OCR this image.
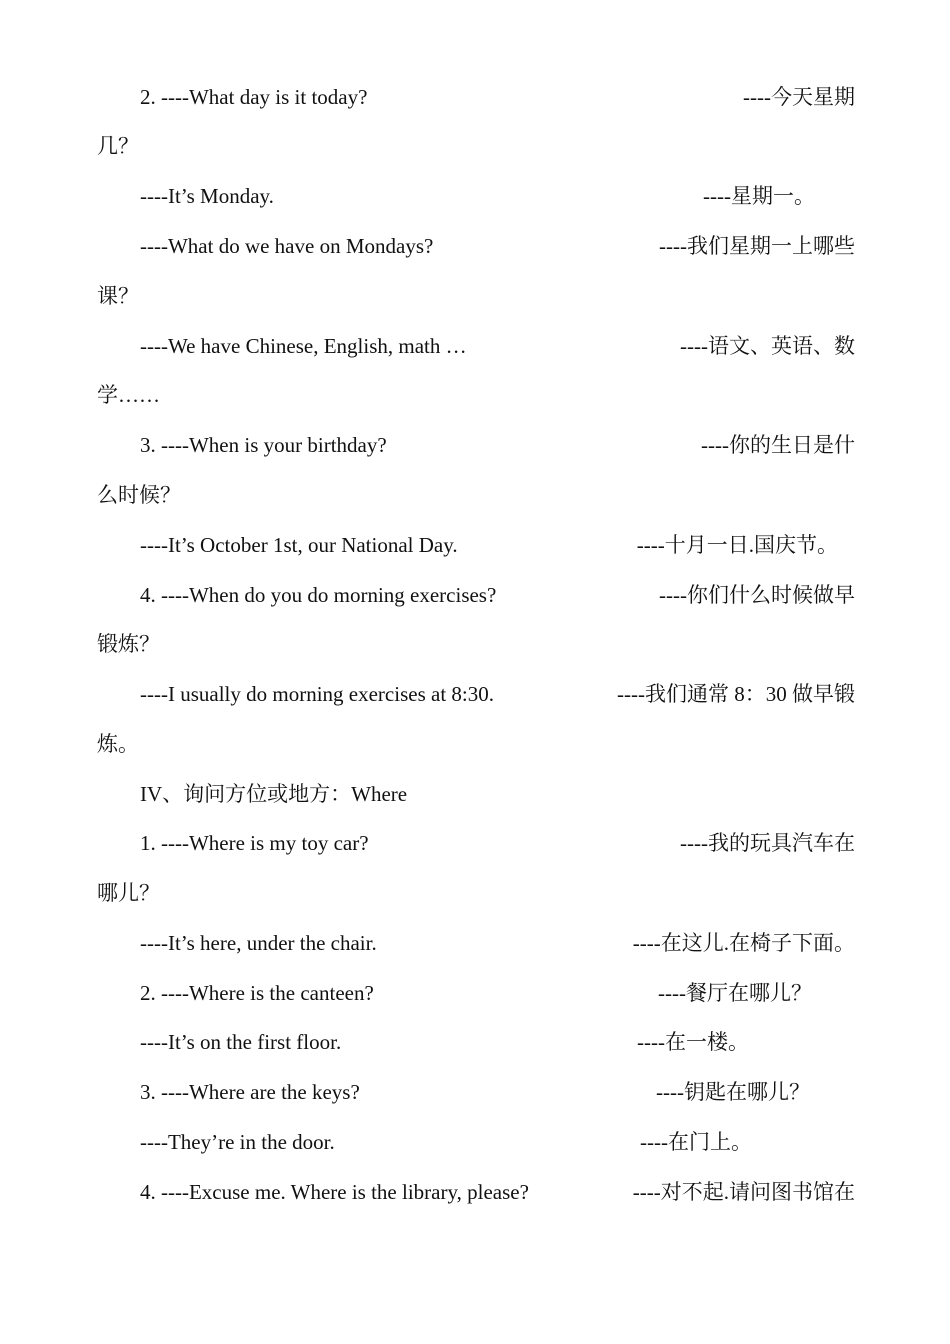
2. ----What day is it today?	----今天星期
几？
----It’s Monday.	----星期一。
----What do we have on Mondays?	----我们星期一上哪些
课？
----We have Chinese, English, math …	----语文、英语、数
学……
3. ----When is your birthday?	----你的生日是什
么时候？
----It’s October 1st, our National Day.	----十月一日.国庆节。
4. ----When do you do morning exercises?	----你们什么时候做早
锻炼？
----I usually do morning exercises at 8:30.	----我们通常 8：30 做早锻
炼。
IV、询问方位或地方：Where
1. ----Where is my toy car?	----我的玩具汽车在
哪儿？
----It’s here, under the chair.	----在这儿.在椅子下面。
2. ----Where is the canteen?	----餐厅在哪儿？
----It’s on the first floor.	----在一楼。
3. ----Where are the keys?	----钥匙在哪儿？
----They’re in the door.	----在门上。
4. ----Excuse me. Where is the library, please?	----对不起.请问图书馆在
